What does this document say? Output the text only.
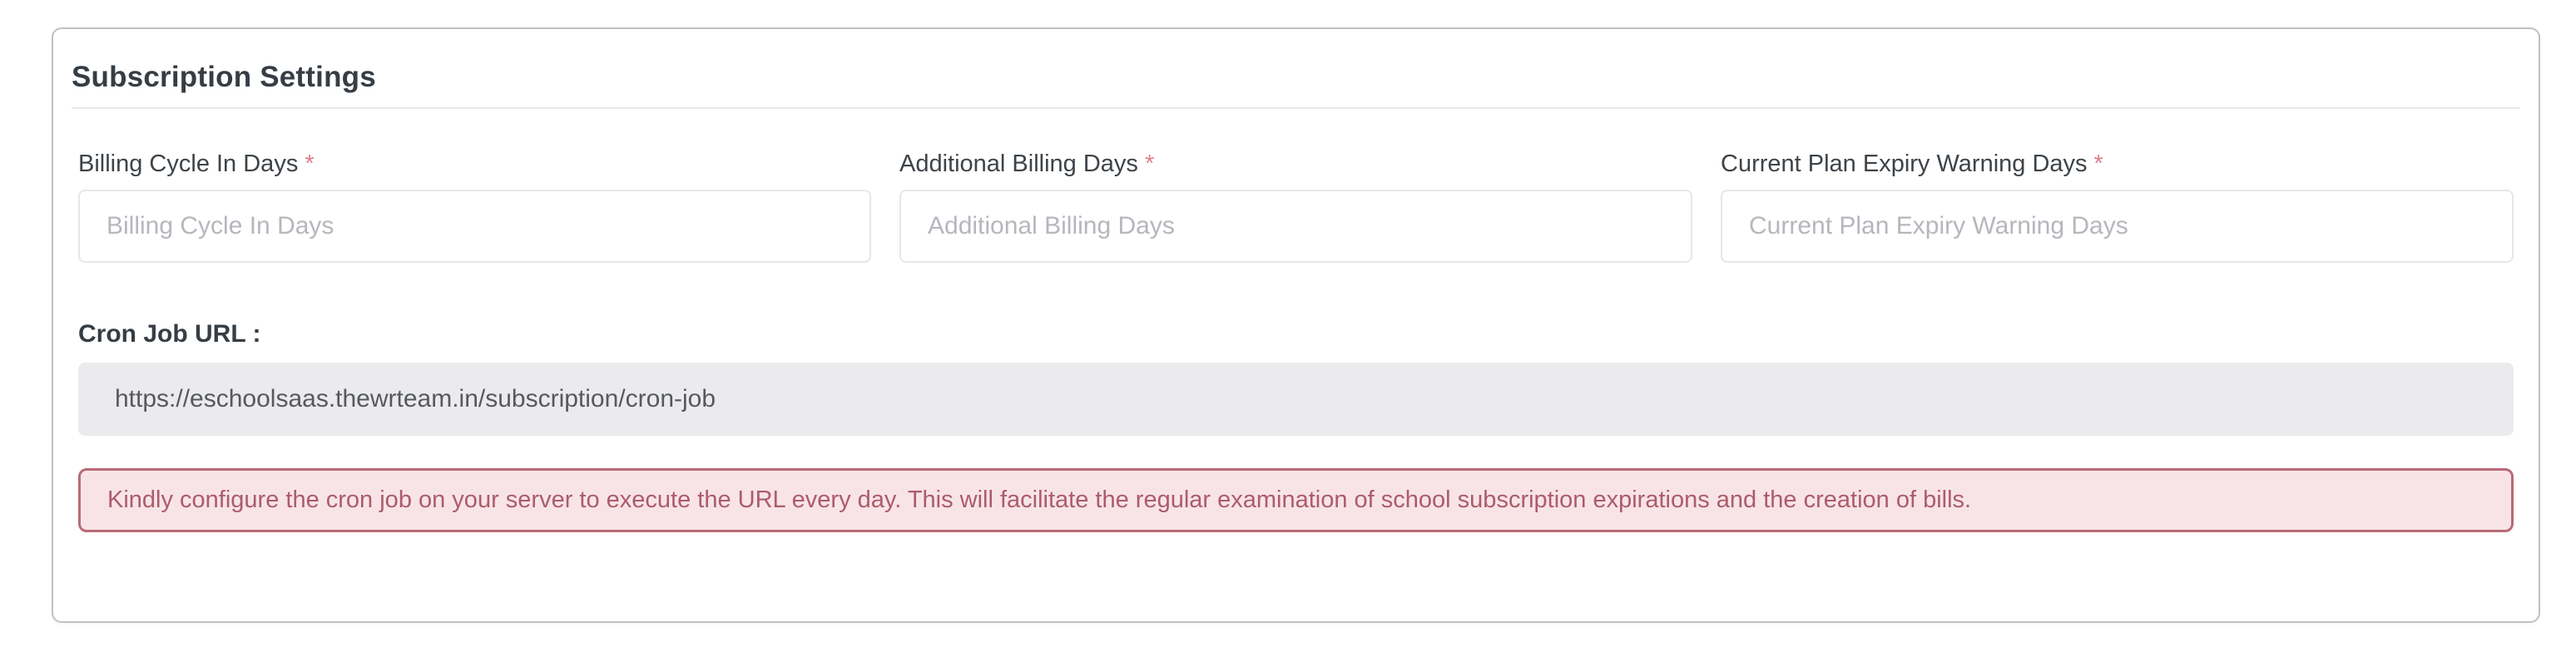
Subscription Settings
Billing Cycle In Days *
Billing Cycle In Days	Additional Billing Days *
Additional Billing Days	Current Plan Expiry Warning Days *
Current Plan Expiry Warning Days
Cron Job URL :
https://eschoolsaas.thewrteam.in/subscription/cron-job
Kindly configure the cron job on your server to execute the URL every day. This will facilitate the regular examination of school subscription expirations and the creation of bills.
